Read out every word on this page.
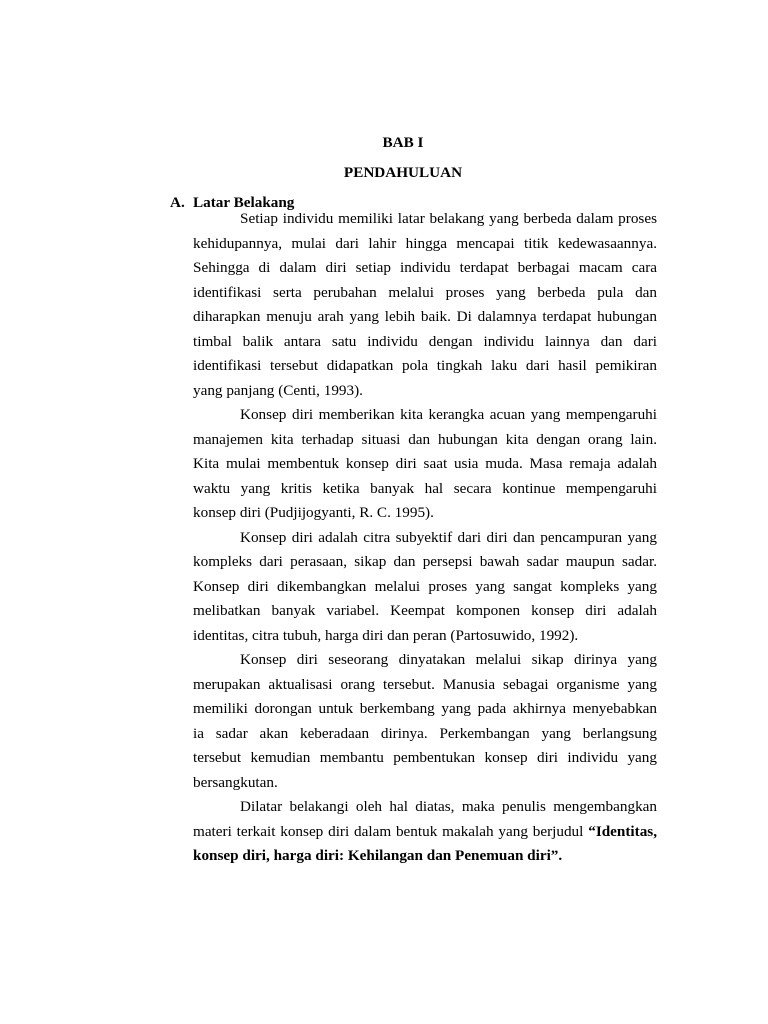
BAB I
PENDAHULUAN
A. Latar Belakang
Setiap individu memiliki latar belakang yang berbeda dalam proses
kehidupannya, mulai dari lahir hingga mencapai titik kedewasaannya.
Sehingga di dalam diri setiap individu terdapat berbagai macam cara
identifikasi serta perubahan melalui proses yang berbeda pula dan
diharapkan menuju arah yang lebih baik. Di dalamnya terdapat hubungan
timbal balik antara satu individu dengan individu lainnya dan dari
identifikasi tersebut didapatkan pola tingkah laku dari hasil pemikiran
yang panjang (Centi, 1993).
Konsep diri memberikan kita kerangka acuan yang mempengaruhi
manajemen kita terhadap situasi dan hubungan kita dengan orang lain.
Kita mulai membentuk konsep diri saat usia muda. Masa remaja adalah
waktu yang kritis ketika banyak hal secara kontinue mempengaruhi
konsep diri (Pudjijogyanti, R. C. 1995).
Konsep diri adalah citra subyektif dari diri dan pencampuran yang
kompleks dari perasaan, sikap dan persepsi bawah sadar maupun sadar.
Konsep diri dikembangkan melalui proses yang sangat kompleks yang
melibatkan banyak variabel. Keempat komponen konsep diri adalah
identitas, citra tubuh, harga diri dan peran (Partosuwido, 1992).
Konsep diri seseorang dinyatakan melalui sikap dirinya yang
merupakan aktualisasi orang tersebut. Manusia sebagai organisme yang
memiliki dorongan untuk berkembang yang pada akhirnya menyebabkan
ia sadar akan keberadaan dirinya. Perkembangan yang berlangsung
tersebut kemudian membantu pembentukan konsep diri individu yang
bersangkutan.
Dilatar belakangi oleh hal diatas, maka penulis mengembangkan
materi terkait konsep diri dalam bentuk makalah yang berjudul “Identitas,
konsep diri, harga diri: Kehilangan dan Penemuan diri”.
